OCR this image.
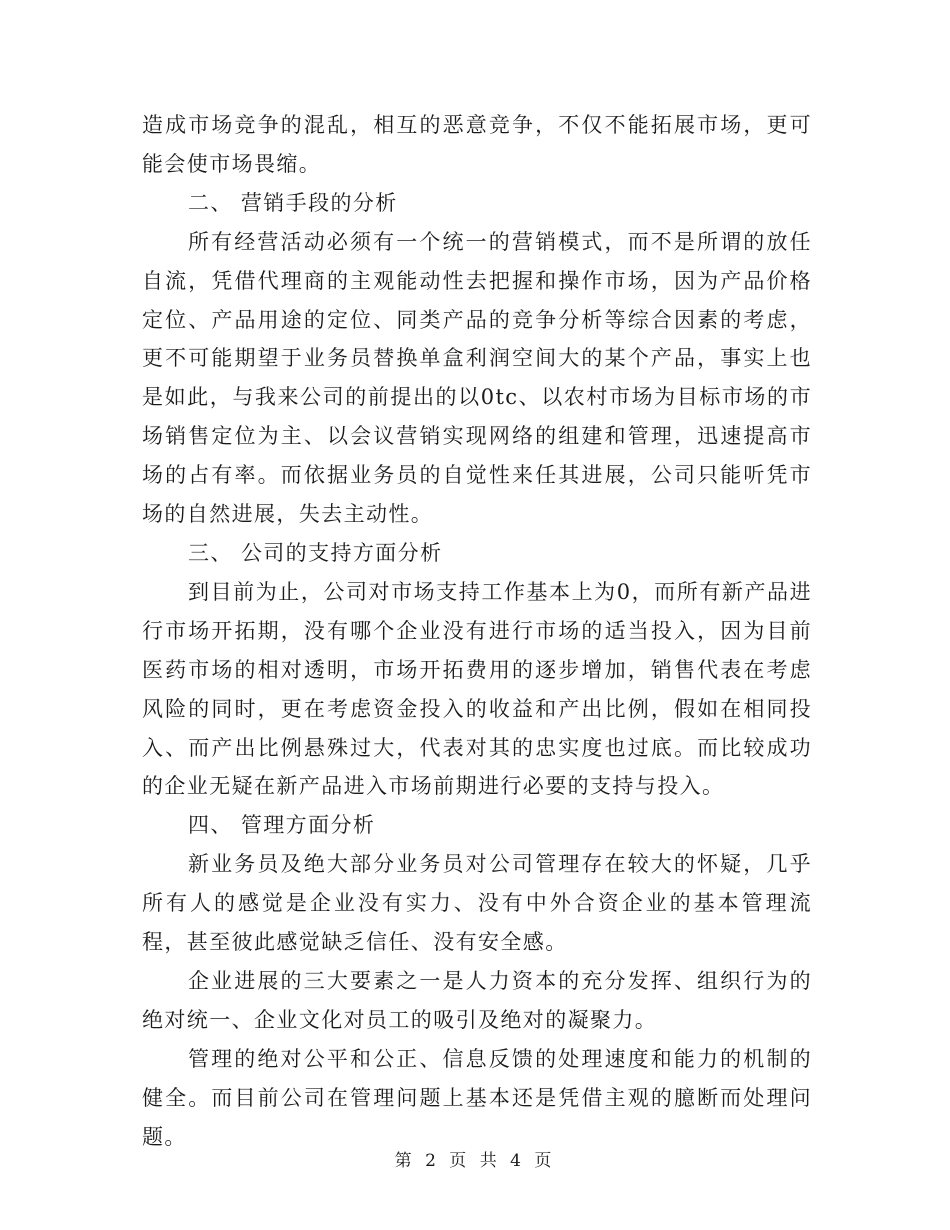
造成市场竞争的混乱，相互的恶意竞争，不仅不能拓展市场，更可能会使市场畏缩。

二、 营销手段的分析

所有经营活动必须有一个统一的营销模式，而不是所谓的放任自流，凭借代理商的主观能动性去把握和操作市场，因为产品价格定位、产品用途的定位、同类产品的竞争分析等综合因素的考虑，更不可能期望于业务员替换单盒利润空间大的某个产品，事实上也是如此，与我来公司的前提出的以0tc、以农村市场为目标市场的市场销售定位为主、以会议营销实现网络的组建和管理，迅速提高市场的占有率。而依据业务员的自觉性来任其进展，公司只能听凭市场的自然进展，失去主动性。

三、 公司的支持方面分析

到目前为止，公司对市场支持工作基本上为0，而所有新产品进行市场开拓期，没有哪个企业没有进行市场的适当投入，因为目前医药市场的相对透明，市场开拓费用的逐步增加，销售代表在考虑风险的同时，更在考虑资金投入的收益和产出比例，假如在相同投入、而产出比例悬殊过大，代表对其的忠实度也过底。而比较成功的企业无疑在新产品进入市场前期进行必要的支持与投入。

四、 管理方面分析

新业务员及绝大部分业务员对公司管理存在较大的怀疑，几乎所有人的感觉是企业没有实力、没有中外合资企业的基本管理流程，甚至彼此感觉缺乏信任、没有安全感。

企业进展的三大要素之一是人力资本的充分发挥、组织行为的绝对统一、企业文化对员工的吸引及绝对的凝聚力。

管理的绝对公平和公正、信息反馈的处理速度和能力的机制的健全。而目前公司在管理问题上基本还是凭借主观的臆断而处理问题。

第 2 页 共 4 页
